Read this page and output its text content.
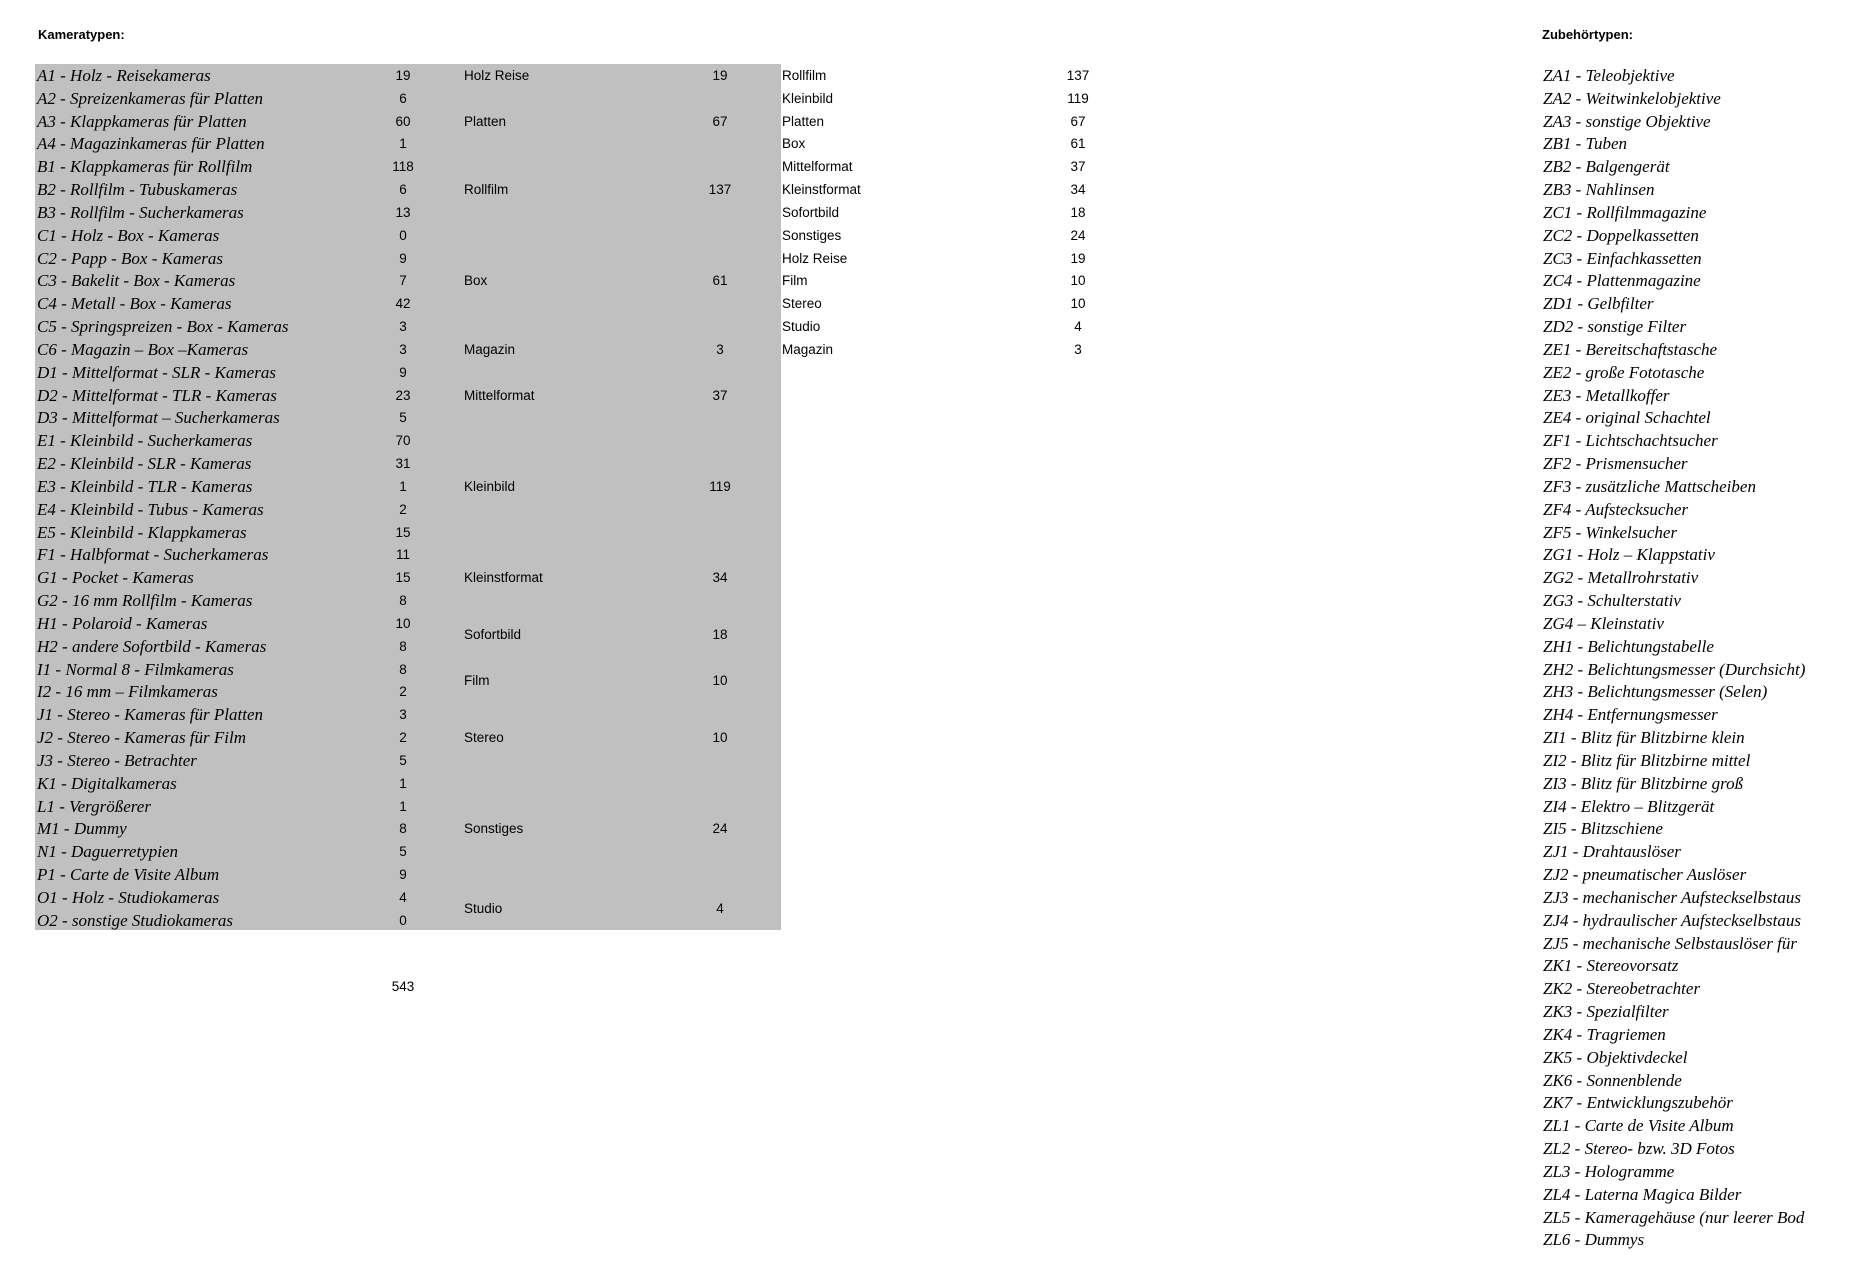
Kameratypen:	Zubehörtypen:
A1 - Holz - Reisekameras	19
A2 - Spreizenkameras für Platten	6
A3 - Klappkameras für Platten	60
A4 - Magazinkameras für Platten	1
B1 - Klappkameras für Rollfilm	118
B2 - Rollfilm - Tubuskameras	6
B3 - Rollfilm - Sucherkameras	13
C1 - Holz - Box - Kameras	0
C2 - Papp - Box - Kameras	9
C3 - Bakelit - Box - Kameras	7
C4 - Metall - Box - Kameras	42
C5 - Springspreizen - Box - Kameras	3
C6 - Magazin – Box –Kameras	3
D1 - Mittelformat - SLR - Kameras	9
D2 - Mittelformat - TLR - Kameras	23
D3 - Mittelformat – Sucherkameras	5
E1 - Kleinbild - Sucherkameras	70
E2 - Kleinbild - SLR - Kameras	31
E3 - Kleinbild - TLR - Kameras	1
E4 - Kleinbild - Tubus - Kameras	2
E5 - Kleinbild - Klappkameras	15
F1 - Halbformat - Sucherkameras	11
G1 - Pocket - Kameras	15
G2 - 16 mm Rollfilm - Kameras	8
H1 - Polaroid - Kameras	10
H2 - andere Sofortbild - Kameras	8
I1 - Normal 8 - Filmkameras	8
I2 - 16 mm – Filmkameras	2
J1 - Stereo - Kameras für Platten	3
J2 - Stereo - Kameras für Film	2
J3 - Stereo - Betrachter	5
K1 - Digitalkameras	1
L1 - Vergrößerer	1
M1 - Dummy	8
N1 - Daguerretypien	5
P1 - Carte de Visite Album	9
O1 - Holz - Studiokameras	4
O2 - sonstige Studiokameras	0
Holz Reise	19
Platten	67
Rollfilm	137
Box	61
Magazin	3
Mittelformat	37
Kleinbild	119
Kleinstformat	34
Sofortbild	18
Film	10
Stereo	10
Sonstiges	24
Studio	4
Rollfilm	137
Kleinbild	119
Platten	67
Box	61
Mittelformat	37
Kleinstformat	34
Sofortbild	18
Sonstiges	24
Holz Reise	19
Film	10
Stereo	10
Studio	4
Magazin	3
ZA1 - Teleobjektive
ZA2 - Weitwinkelobjektive
ZA3 - sonstige Objektive
ZB1 - Tuben
ZB2 - Balgengerät
ZB3 - Nahlinsen
ZC1 - Rollfilmmagazine
ZC2 - Doppelkassetten
ZC3 - Einfachkassetten
ZC4 - Plattenmagazine
ZD1 - Gelbfilter
ZD2 - sonstige Filter
ZE1 - Bereitschaftstasche
ZE2 - große Fototasche
ZE3 - Metallkoffer
ZE4 - original Schachtel
ZF1 - Lichtschachtsucher
ZF2 - Prismensucher
ZF3 - zusätzliche Mattscheiben
ZF4 - Aufstecksucher
ZF5 - Winkelsucher
ZG1 - Holz – Klappstativ
ZG2 - Metallrohrstativ
ZG3 - Schulterstativ
ZG4 – Kleinstativ
ZH1 - Belichtungstabelle
ZH2 - Belichtungsmesser (Durchsicht)
ZH3 - Belichtungsmesser (Selen)
ZH4 - Entfernungsmesser
ZI1 - Blitz für Blitzbirne klein
ZI2 - Blitz für Blitzbirne mittel
ZI3 - Blitz für Blitzbirne groß
ZI4 - Elektro – Blitzgerät
ZI5 - Blitzschiene
ZJ1 - Drahtauslöser
ZJ2 - pneumatischer Auslöser
ZJ3 - mechanischer Aufsteckselbstaus
ZJ4 - hydraulischer Aufsteckselbstaus
ZJ5 - mechanische Selbstauslöser für
ZK1 - Stereovorsatz
ZK2 - Stereobetrachter
ZK3 - Spezialfilter
ZK4 - Tragriemen
ZK5 - Objektivdeckel
ZK6 - Sonnenblende
ZK7 - Entwicklungszubehör
ZL1 - Carte de Visite Album
ZL2 - Stereo- bzw. 3D Fotos
ZL3 - Hologramme
ZL4 - Laterna Magica Bilder
ZL5 - Kameragehäuse (nur leerer Bod
ZL6 - Dummys
543
